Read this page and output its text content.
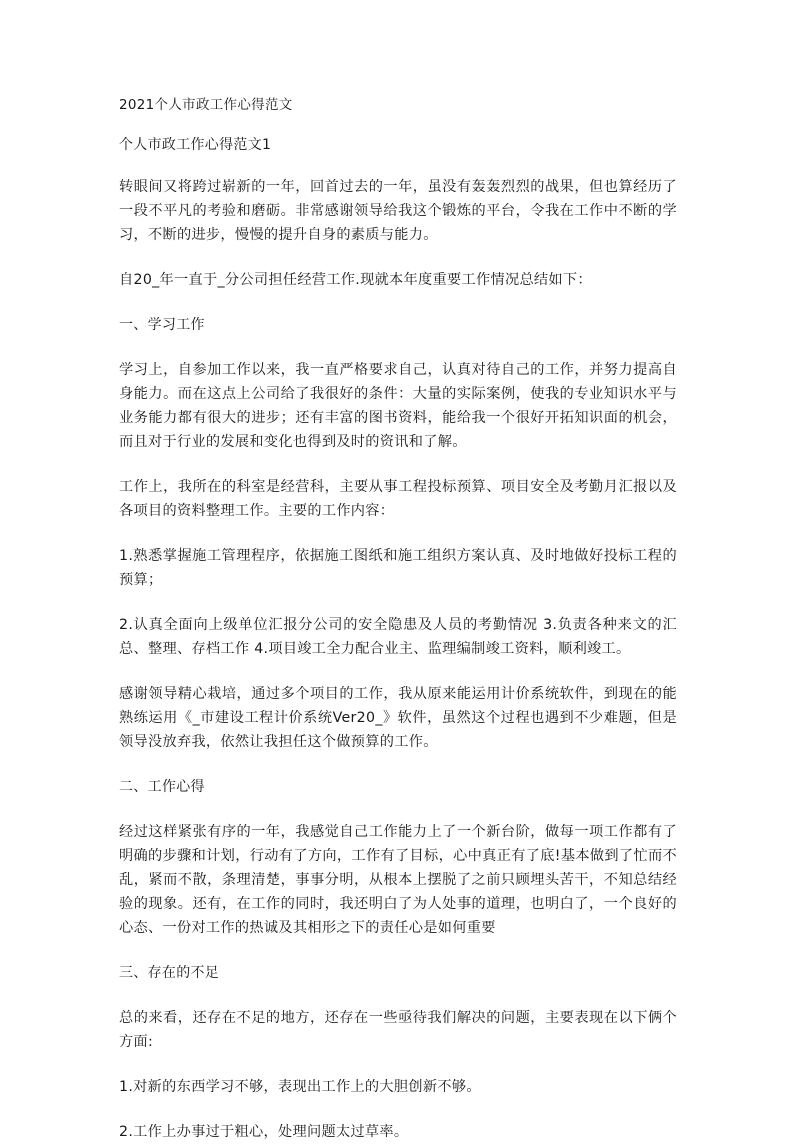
2021个人市政工作心得范文

个人市政工作心得范文1

转眼间又将跨过崭新的一年，回首过去的一年，虽没有轰轰烈烈的战果，但也算经历了一段不平凡的考验和磨砺。非常感谢领导给我这个锻炼的平台，令我在工作中不断的学习，不断的进步，慢慢的提升自身的素质与能力。

自20_年一直于_分公司担任经营工作.现就本年度重要工作情况总结如下：

一、学习工作

学习上，自参加工作以来，我一直严格要求自己，认真对待自己的工作，并努力提高自身能力。而在这点上公司给了我很好的条件：大量的实际案例，使我的专业知识水平与业务能力都有很大的进步；还有丰富的图书资料，能给我一个很好开拓知识面的机会，而且对于行业的发展和变化也得到及时的资讯和了解。

工作上，我所在的科室是经营科，主要从事工程投标预算、项目安全及考勤月汇报以及各项目的资料整理工作。主要的工作内容：

1.熟悉掌握施工管理程序，依据施工图纸和施工组织方案认真、及时地做好投标工程的预算；

2.认真全面向上级单位汇报分公司的安全隐患及人员的考勤情况 3.负责各种来文的汇总、整理、存档工作 4.项目竣工全力配合业主、监理编制竣工资料，顺利竣工。

感谢领导精心栽培，通过多个项目的工作，我从原来能运用计价系统软件，到现在的能熟练运用《_市建设工程计价系统Ver20_》软件，虽然这个过程也遇到不少难题，但是领导没放弃我，依然让我担任这个做预算的工作。

二、工作心得

经过这样紧张有序的一年，我感觉自己工作能力上了一个新台阶，做每一项工作都有了明确的步骤和计划，行动有了方向，工作有了目标，心中真正有了底!基本做到了忙而不乱，紧而不散，条理清楚，事事分明，从根本上摆脱了之前只顾埋头苦干，不知总结经验的现象。还有，在工作的同时，我还明白了为人处事的道理，也明白了，一个良好的心态、一份对工作的热诚及其相形之下的责任心是如何重要

三、存在的不足

总的来看，还存在不足的地方，还存在一些亟待我们解决的问题，主要表现在以下俩个方面:

1.对新的东西学习不够，表现出工作上的大胆创新不够。

2.工作上办事过于粗心，处理问题太过草率。
